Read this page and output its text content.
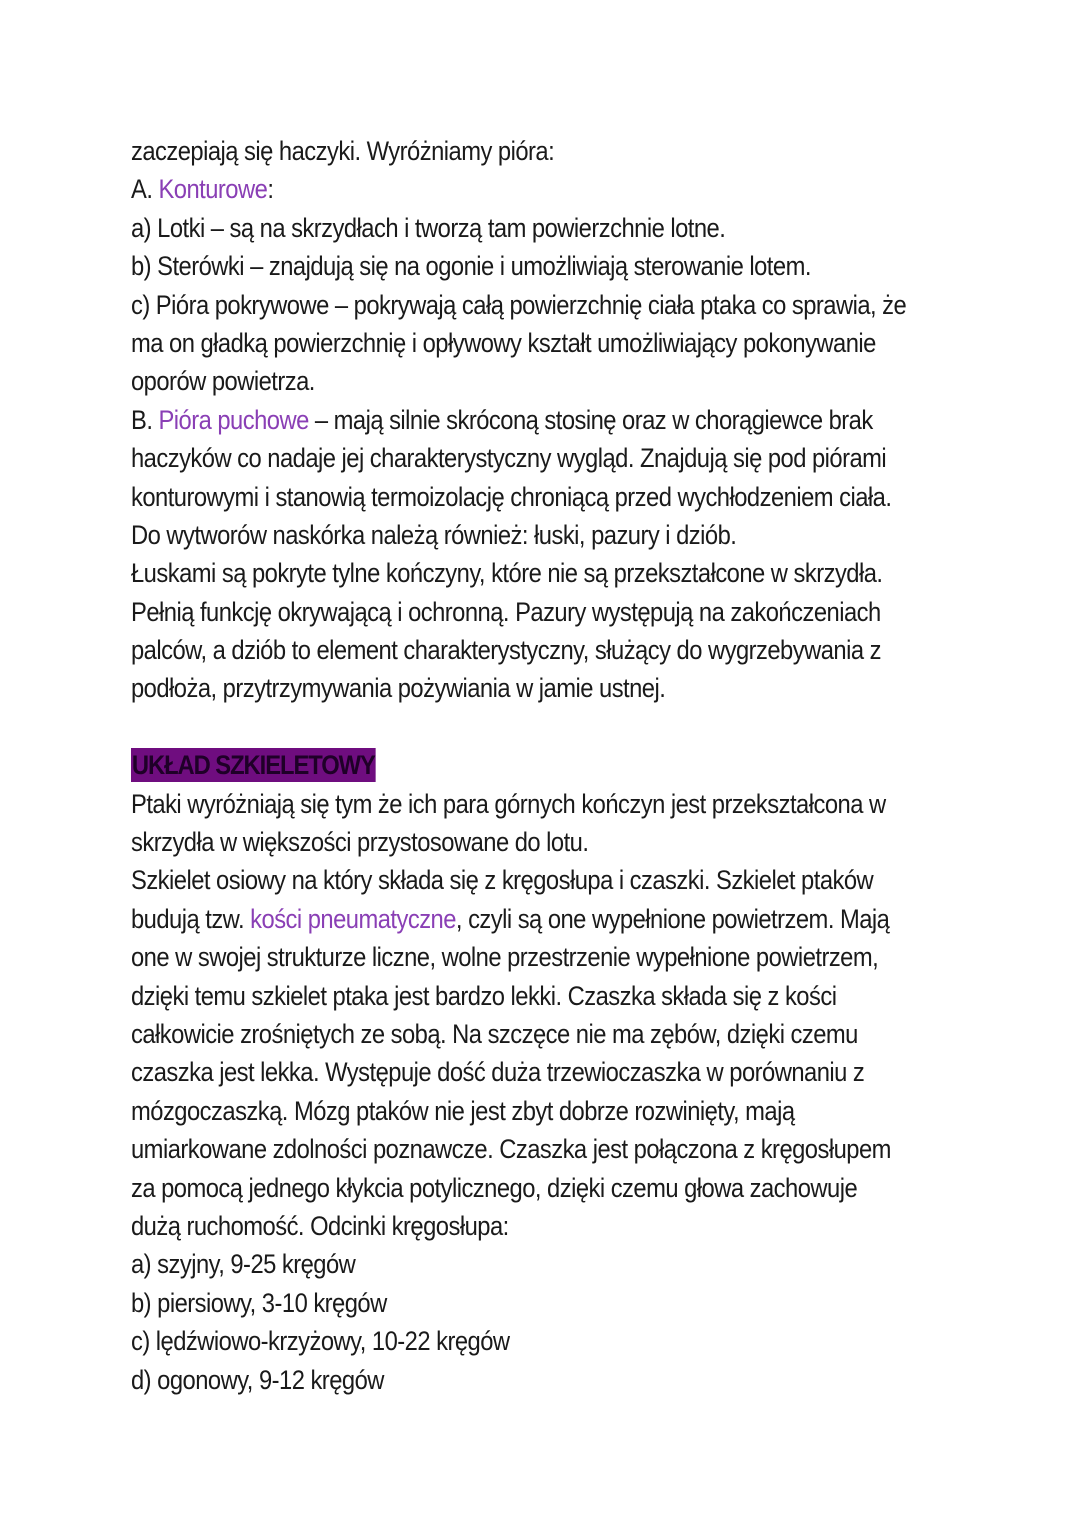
zaczepiają się haczyki. Wyróżniamy pióra:
A. Konturowe:
a) Lotki – są na skrzydłach i tworzą tam powierzchnie lotne.
b) Sterówki – znajdują się na ogonie i umożliwiają sterowanie lotem.
c) Pióra pokrywowe – pokrywają całą powierzchnię ciała ptaka co sprawia, że
ma on gładką powierzchnię i opływowy kształt umożliwiający pokonywanie
oporów powietrza.
B. Pióra puchowe – mają silnie skróconą stosinę oraz w chorągiewce brak
haczyków co nadaje jej charakterystyczny wygląd. Znajdują się pod piórami
konturowymi i stanowią termoizolację chroniącą przed wychłodzeniem ciała.
Do wytworów naskórka należą również: łuski, pazury i dziób.
Łuskami są pokryte tylne kończyny, które nie są przekształcone w skrzydła.
Pełnią funkcję okrywającą i ochronną. Pazury występują na zakończeniach
palców, a dziób to element charakterystyczny, służący do wygrzebywania z
podłoża, przytrzymywania pożywiania w jamie ustnej.
UKŁAD SZKIELETOWY
Ptaki wyróżniają się tym że ich para górnych kończyn jest przekształcona w
skrzydła w większości przystosowane do lotu.
Szkielet osiowy na który składa się z kręgosłupa i czaszki. Szkielet ptaków
budują tzw. kości pneumatyczne, czyli są one wypełnione powietrzem. Mają
one w swojej strukturze liczne, wolne przestrzenie wypełnione powietrzem,
dzięki temu szkielet ptaka jest bardzo lekki. Czaszka składa się z kości
całkowicie zrośniętych ze sobą. Na szczęce nie ma zębów, dzięki czemu
czaszka jest lekka. Występuje dość duża trzewioczaszka w porównaniu z
mózgoczaszką. Mózg ptaków nie jest zbyt dobrze rozwinięty, mają
umiarkowane zdolności poznawcze. Czaszka jest połączona z kręgosłupem
za pomocą jednego kłykcia potylicznego, dzięki czemu głowa zachowuje
dużą ruchomość. Odcinki kręgosłupa:
a) szyjny, 9-25 kręgów
b) piersiowy, 3-10 kręgów
c) lędźwiowo-krzyżowy, 10-22 kręgów
d) ogonowy, 9-12 kręgów
